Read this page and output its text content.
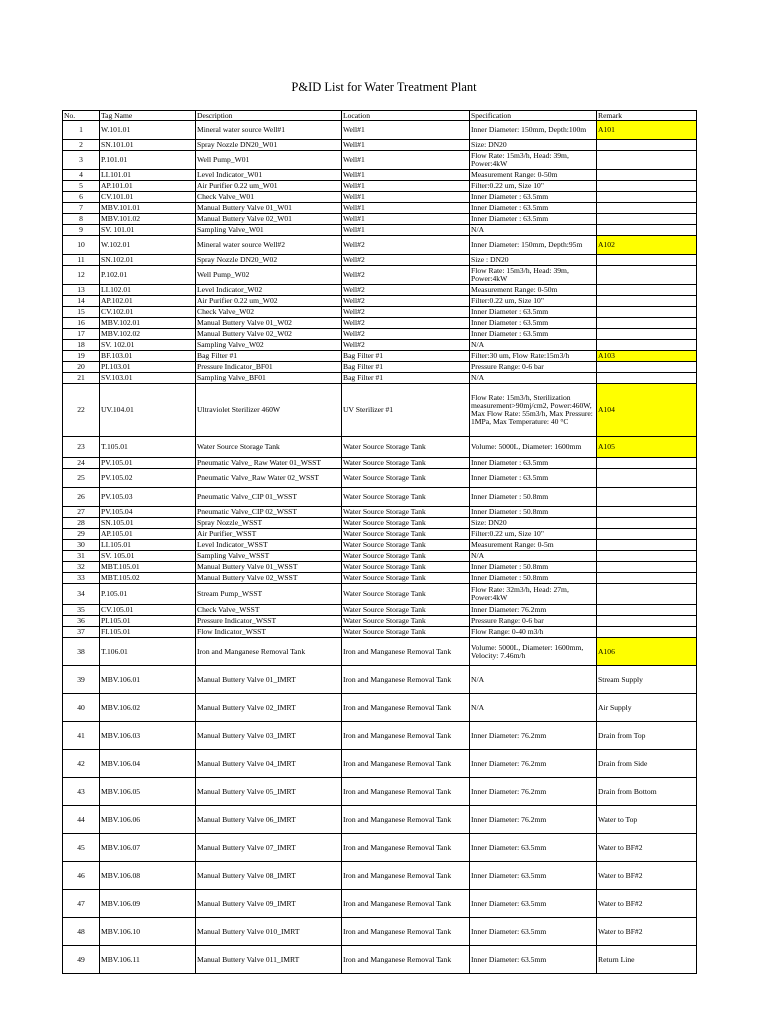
P&ID List for Water Treatment Plant
No.	Tag Name	Description	Location	Specification	Remark
1	W.101.01	Mineral water source Well#1	Well#1	Inner Diameter: 150mm, Depth:100m	A101
2	SN.101.01	Spray Nozzle DN20_W01	Well#1	Size: DN20	
3	P.101.01	Well Pump_W01	Well#1	Flow Rate: 15m3/h, Head: 39m, Power:4kW	
4	LI.101.01	Level Indicator_W01	Well#1	Measurement Range: 0-50m	
5	AP.101.01	Air Purifier 0.22 um_W01	Well#1	Filter:0.22 um, Size 10"	
6	CV.101.01	Check Valve_W01	Well#1	Inner Diameter : 63.5mm	
7	MBV.101.01	Manual Buttery Valve 01_W01	Well#1	Inner Diameter : 63.5mm	
8	MBV.101.02	Manual Buttery Valve 02_W01	Well#1	Inner Diameter : 63.5mm	
9	SV. 101.01	Sampling Valve_W01	Well#1	N/A	
10	W.102.01	Mineral water source Well#2	Well#2	Inner Diameter: 150mm, Depth:95m	A102
11	SN.102.01	Spray Nozzle DN20_W02	Well#2	Size : DN20	
12	P.102.01	Well Pump_W02	Well#2	Flow Rate: 15m3/h, Head: 39m, Power:4kW	
13	LI.102.01	Level Indicator_W02	Well#2	Measurement Range: 0-50m	
14	AP.102.01	Air Purifier 0.22 um_W02	Well#2	Filter:0.22 um, Size 10"	
15	CV.102.01	Check Valve_W02	Well#2	Inner Diameter : 63.5mm	
16	MBV.102.01	Manual Buttery Valve 01_W02	Well#2	Inner Diameter : 63.5mm	
17	MBV.102.02	Manual Buttery Valve 02_W02	Well#2	Inner Diameter : 63.5mm	
18	SV. 102.01	Sampling Valve_W02	Well#2	N/A	
19	BF.103.01	Bag Filter #1	Bag Filter #1	Filter:30 um, Flow Rate:15m3/h	A103
20	PI.103.01	Pressure Indicator_BF01	Bag Filter #1	Pressure Range: 0-6 bar	
21	SV.103.01	Sampling Valve_BF01	Bag Filter #1	N/A	
22	UV.104.01	Ultraviolet Sterilizer 460W	UV Sterilizer #1	Flow Rate: 15m3/h, Sterilization measurement>90mj/cm2, Power:460W, Max Flow Rate: 55m3/h, Max Pressure: 1MPa, Max Temperature: 40 °C	A104
23	T.105.01	Water Source Storage Tank	Water Source Storage Tank	Volume: 5000L, Diameter: 1600mm	A105
24	PV.105.01	Pneumatic Valve_ Raw Water 01_WSST	Water Source Storage Tank	Inner Diameter : 63.5mm	
25	PV.105.02	Pneumatic Valve_Raw Water 02_WSST	Water Source Storage Tank	Inner Diameter : 63.5mm	
26	PV.105.03	Pneumatic Valve_CIP 01_WSST	Water Source Storage Tank	Inner Diameter : 50.8mm	
27	PV.105.04	Pneumatic Valve_CIP 02_WSST	Water Source Storage Tank	Inner Diameter : 50.8mm	
28	SN.105.01	Spray Nozzle_WSST	Water Source Storage Tank	Size: DN20	
29	AP.105.01	Air Purifier_WSST	Water Source Storage Tank	Filter:0.22 um, Size 10"	
30	LI.105.01	Level Indicator_WSST	Water Source Storage Tank	Measurement Range: 0-5m	
31	SV. 105.01	Sampling Valve_WSST	Water Source Storage Tank	N/A	
32	MBT.105.01	Manual Buttery Valve 01_WSST	Water Source Storage Tank	Inner Diameter : 50.8mm	
33	MBT.105.02	Manual Buttery Valve 02_WSST	Water Source Storage Tank	Inner Diameter : 50.8mm	
34	P.105.01	Stream Pump_WSST	Water Source Storage Tank	Flow Rate: 32m3/h, Head: 27m, Power:4kW	
35	CV.105.01	Check Valve_WSST	Water Source Storage Tank	Inner Diameter: 76.2mm	
36	PI.105.01	Pressure Indicator_WSST	Water Source Storage Tank	Pressure Range: 0-6 bar	
37	FI.105.01	Flow Indicator_WSST	Water Source Storage Tank	Flow Range: 0-40 m3/h	
38	T.106.01	Iron and Manganese Removal Tank	Iron and Manganese Removal Tank	Volume: 5000L, Diameter: 1600mm, Velocity: 7.46m/h	A106
39	MBV.106.01	Manual Buttery Valve 01_IMRT	Iron and Manganese Removal Tank	N/A	Stream Supply
40	MBV.106.02	Manual Buttery Valve 02_IMRT	Iron and Manganese Removal Tank	N/A	Air Supply
41	MBV.106.03	Manual Buttery Valve 03_IMRT	Iron and Manganese Removal Tank	Inner Diameter: 76.2mm	Drain from Top
42	MBV.106.04	Manual Buttery Valve 04_IMRT	Iron and Manganese Removal Tank	Inner Diameter: 76.2mm	Drain from Side
43	MBV.106.05	Manual Buttery Valve 05_IMRT	Iron and Manganese Removal Tank	Inner Diameter: 76.2mm	Drain from Bottom
44	MBV.106.06	Manual Buttery Valve 06_IMRT	Iron and Manganese Removal Tank	Inner Diameter: 76.2mm	Water to Top
45	MBV.106.07	Manual Buttery Valve 07_IMRT	Iron and Manganese Removal Tank	Inner Diameter: 63.5mm	Water to BF#2
46	MBV.106.08	Manual Buttery Valve 08_IMRT	Iron and Manganese Removal Tank	Inner Diameter: 63.5mm	Water to BF#2
47	MBV.106.09	Manual Buttery Valve 09_IMRT	Iron and Manganese Removal Tank	Inner Diameter: 63.5mm	Water to BF#2
48	MBV.106.10	Manual Buttery Valve 010_IMRT	Iron and Manganese Removal Tank	Inner Diameter: 63.5mm	Water to BF#2
49	MBV.106.11	Manual Buttery Valve 011_IMRT	Iron and Manganese Removal Tank	Inner Diameter: 63.5mm	Return Line
